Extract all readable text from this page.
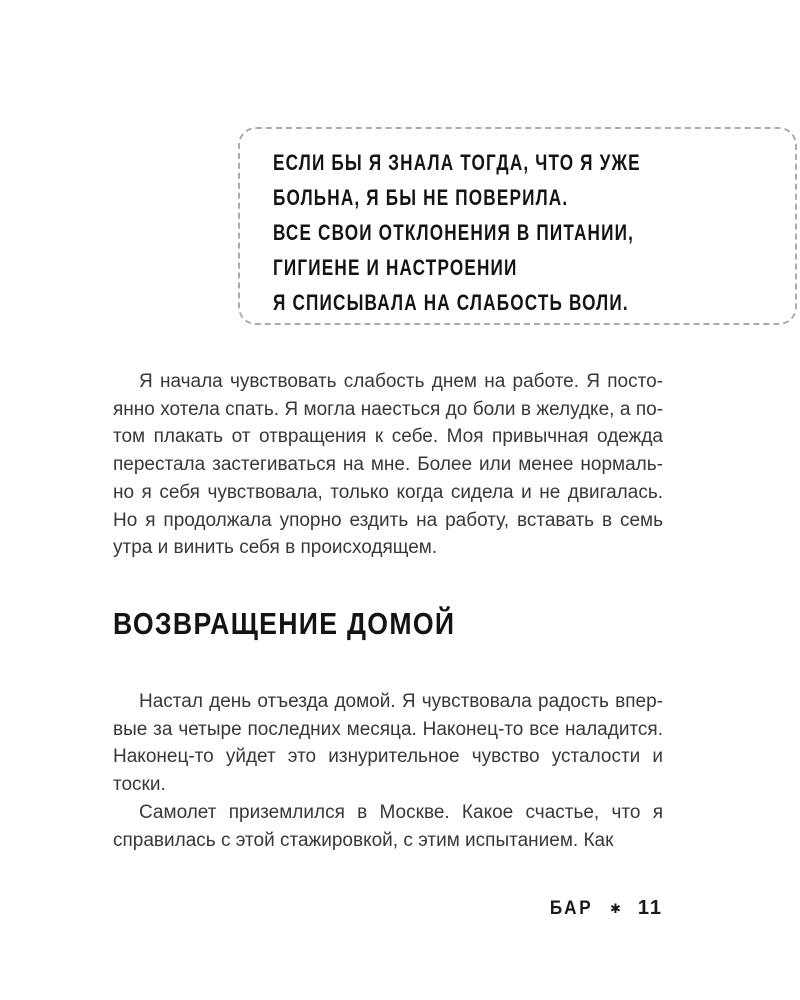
ЕСЛИ БЫ Я ЗНАЛА ТОГДА, ЧТО Я УЖЕ
БОЛЬНА, Я БЫ НЕ ПОВЕРИЛА.
ВСЕ СВОИ ОТКЛОНЕНИЯ В ПИТАНИИ,
ГИГИЕНЕ И НАСТРОЕНИИ
Я СПИСЫВАЛА НА СЛАБОСТЬ ВОЛИ.

Я начала чувствовать слабость днем на работе. Я постоянно хотела спать. Я могла наесться до боли в желудке, а потом плакать от отвращения к себе. Моя привычная одежда перестала застегиваться на мне. Более или менее нормально я себя чувствовала, только когда сидела и не двигалась. Но я продолжала упорно ездить на работу, вставать в семь утра и винить себя в происходящем.

ВОЗВРАЩЕНИЕ ДОМОЙ

Настал день отъезда домой. Я чувствовала радость впервые за четыре последних месяца. Наконец-то все наладится. Наконец-то уйдет это изнурительное чувство усталости и тоски.

Самолет приземлился в Москве. Какое счастье, что я справилась с этой стажировкой, с этим испытанием. Как

БАР ✱ 11
